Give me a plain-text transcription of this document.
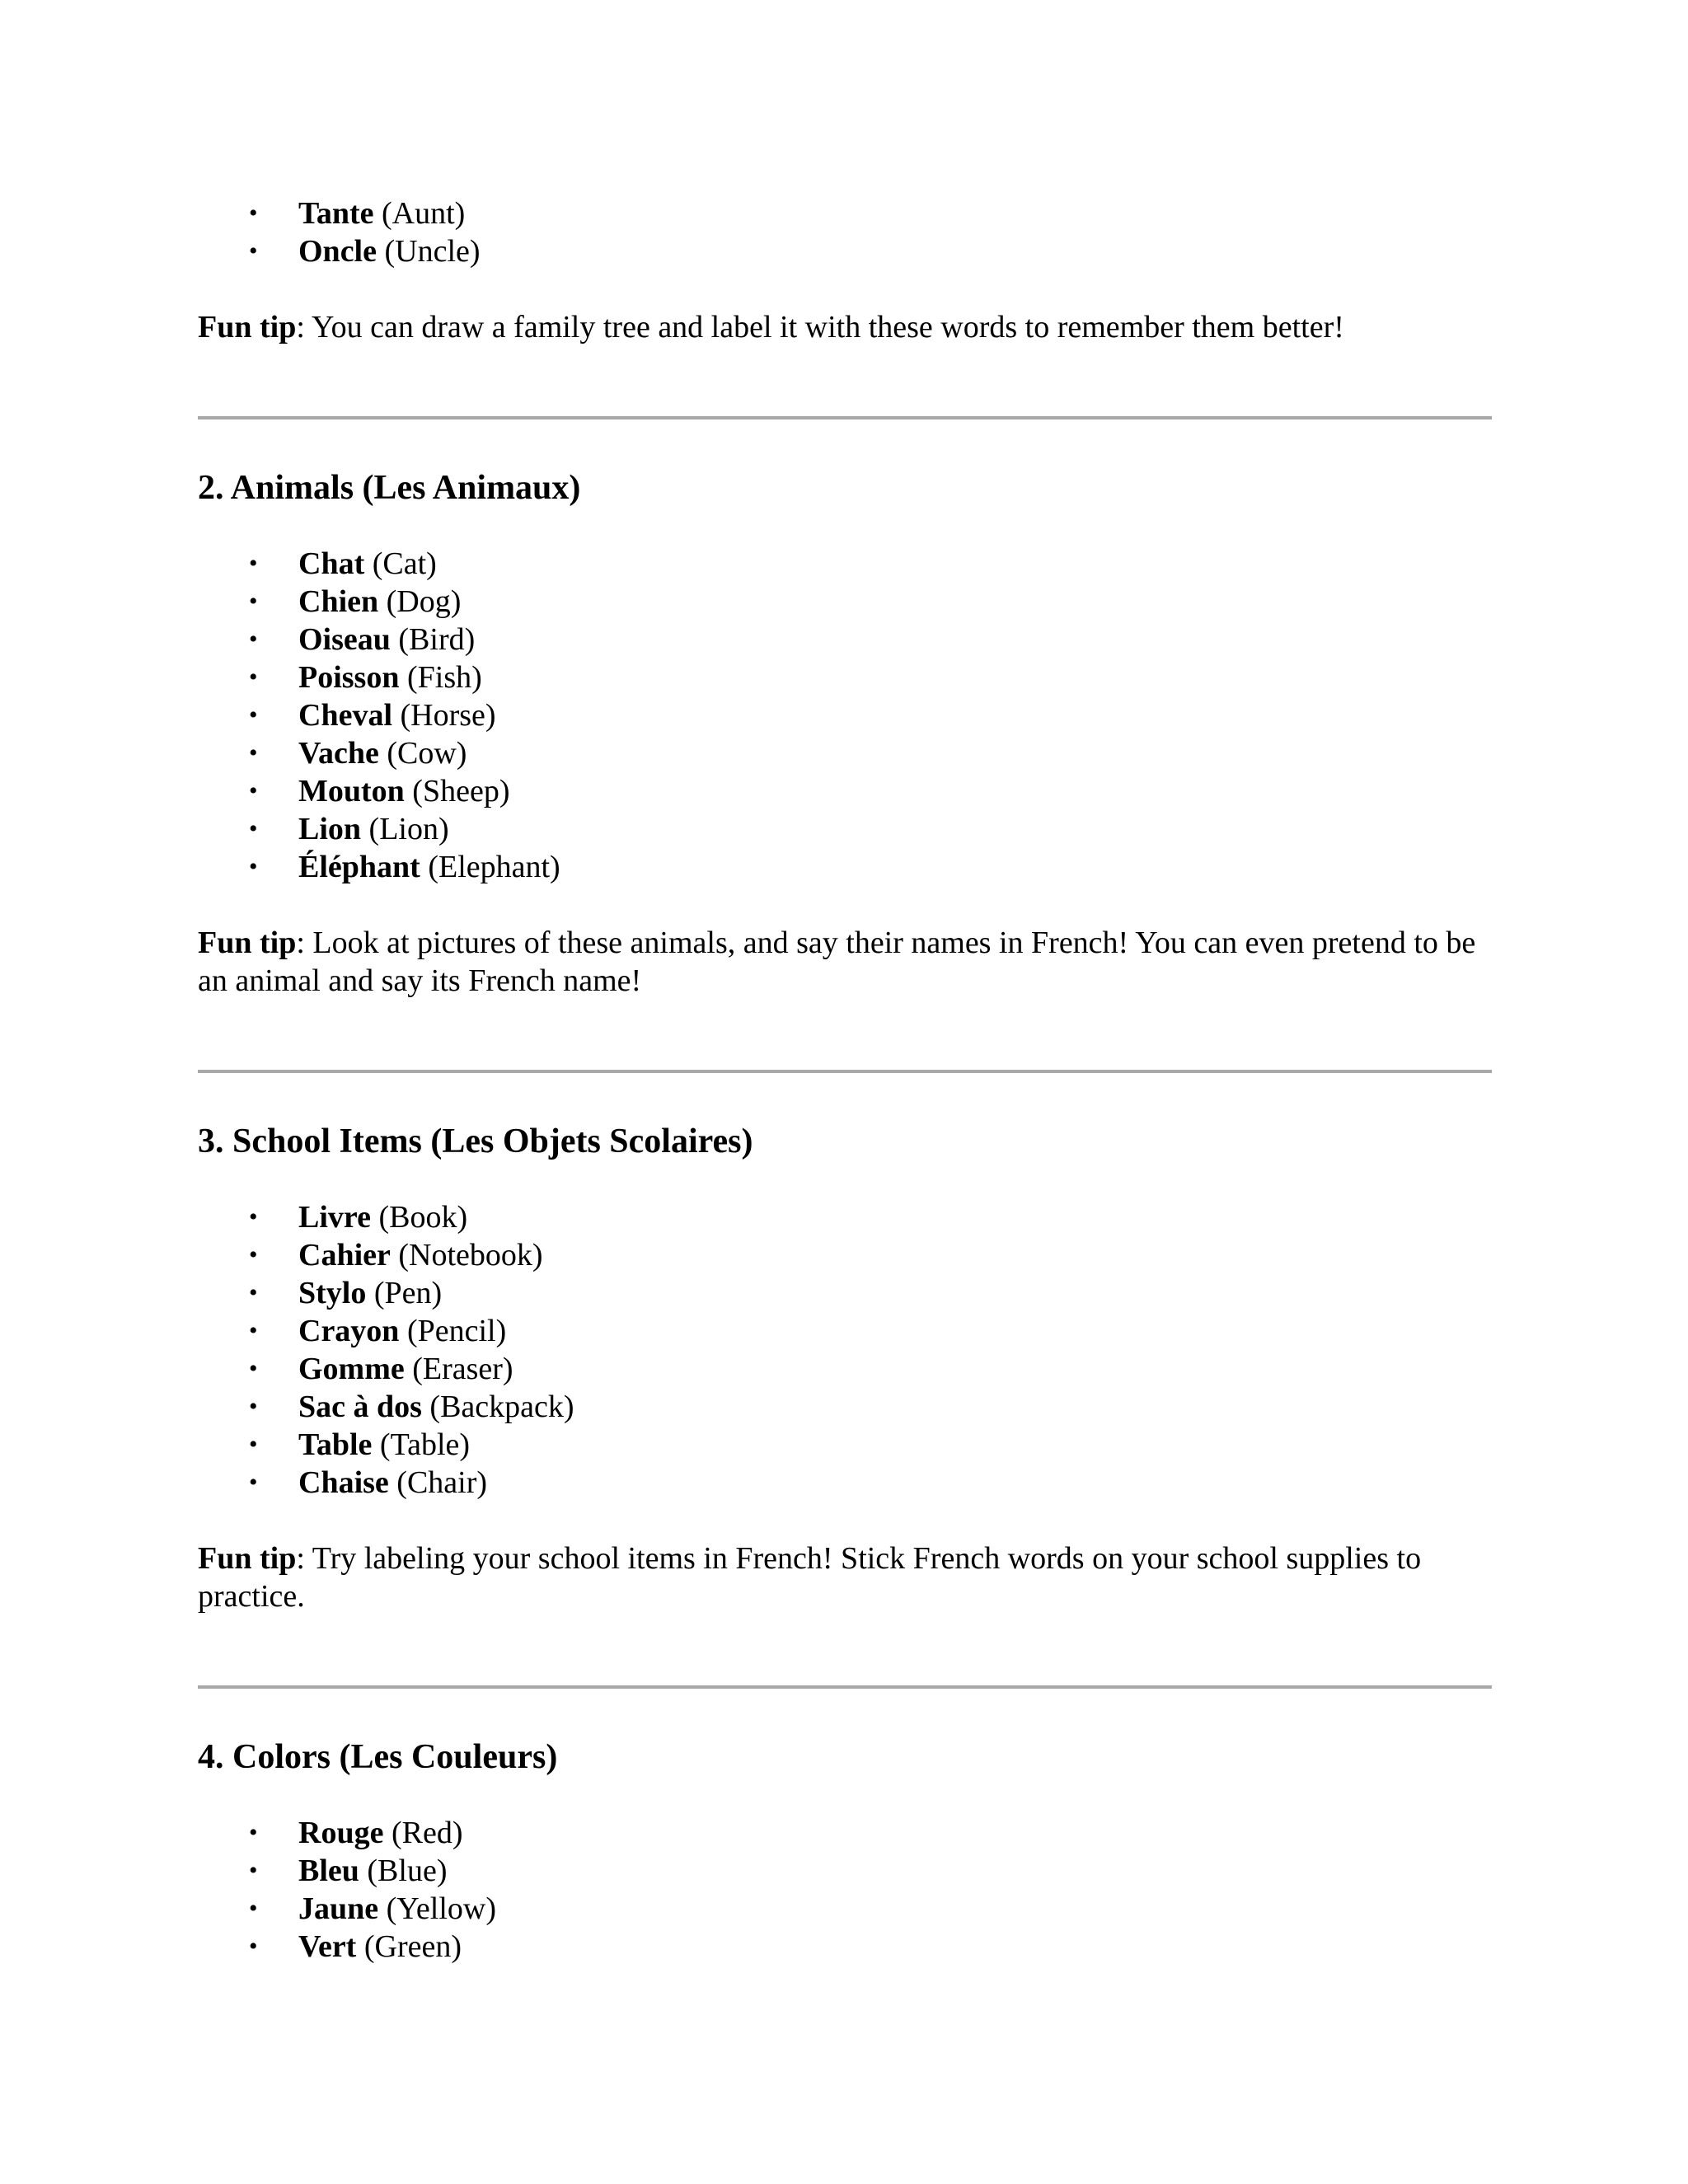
• Tante (Aunt)
• Oncle (Uncle)

Fun tip: You can draw a family tree and label it with these words to remember them better!

2. Animals (Les Animaux)
• Chat (Cat)
• Chien (Dog)
• Oiseau (Bird)
• Poisson (Fish)
• Cheval (Horse)
• Vache (Cow)
• Mouton (Sheep)
• Lion (Lion)
• Éléphant (Elephant)

Fun tip: Look at pictures of these animals, and say their names in French! You can even pretend to be an animal and say its French name!

3. School Items (Les Objets Scolaires)
• Livre (Book)
• Cahier (Notebook)
• Stylo (Pen)
• Crayon (Pencil)
• Gomme (Eraser)
• Sac à dos (Backpack)
• Table (Table)
• Chaise (Chair)

Fun tip: Try labeling your school items in French! Stick French words on your school supplies to practice.

4. Colors (Les Couleurs)
• Rouge (Red)
• Bleu (Blue)
• Jaune (Yellow)
• Vert (Green)
